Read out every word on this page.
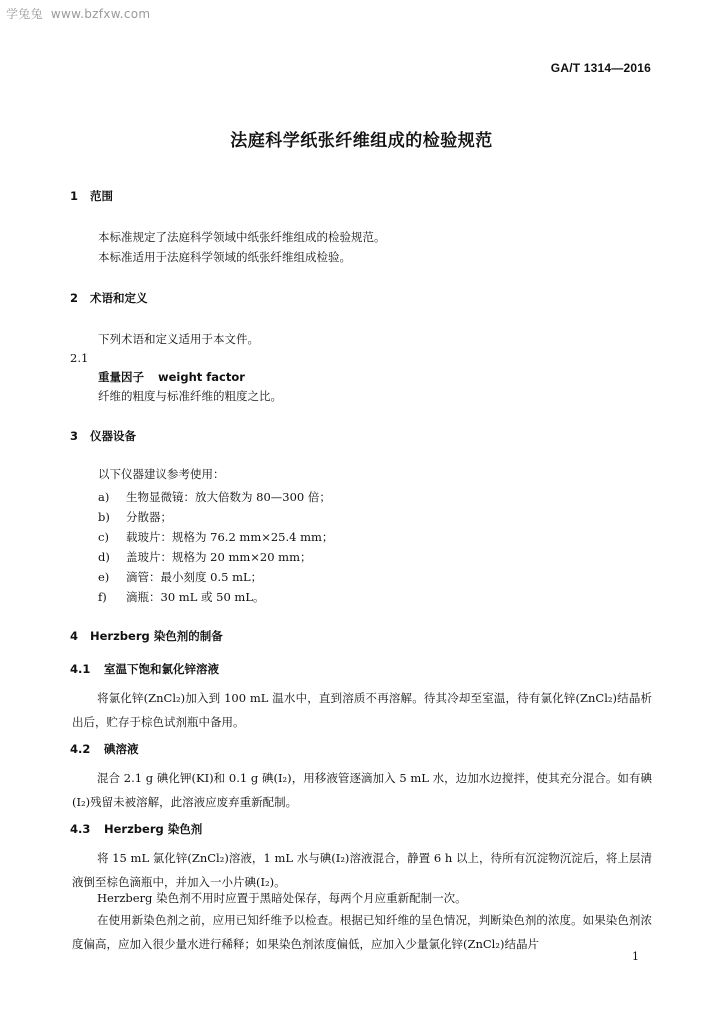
学兔兔 www.bzfxw.com
GA/T 1314—2016
法庭科学纸张纤维组成的检验规范
1 范围
本标准规定了法庭科学领域中纸张纤维组成的检验规范。
本标准适用于法庭科学领域的纸张纤维组成检验。
2 术语和定义
下列术语和定义适用于本文件。
2.1
重量因子 weight factor
纤维的粗度与标准纤维的粗度之比。
3 仪器设备
以下仪器建议参考使用：
a) 生物显微镜：放大倍数为 80—300 倍；
b) 分散器；
c) 载玻片：规格为 76.2 mm×25.4 mm；
d) 盖玻片：规格为 20 mm×20 mm；
e) 滴管：最小刻度 0.5 mL；
f) 滴瓶：30 mL 或 50 mL。
4 Herzberg 染色剂的制备
4.1 室温下饱和氯化锌溶液
将氯化锌(ZnCl₂)加入到 100 mL 温水中，直到溶质不再溶解。待其冷却至室温，待有氯化锌(ZnCl₂)结晶析出后，贮存于棕色试剂瓶中备用。
4.2 碘溶液
混合 2.1 g 碘化钾(KI)和 0.1 g 碘(I₂)，用移液管逐滴加入 5 mL 水，边加水边搅拌，使其充分混合。如有碘(I₂)残留未被溶解，此溶液应废弃重新配制。
4.3 Herzberg 染色剂
将 15 mL 氯化锌(ZnCl₂)溶液，1 mL 水与碘(I₂)溶液混合，静置 6 h 以上，待所有沉淀物沉淀后，将上层清液倒至棕色滴瓶中，并加入一小片碘(I₂)。
Herzberg 染色剂不用时应置于黑暗处保存，每两个月应重新配制一次。
在使用新染色剂之前，应用已知纤维予以检查。根据已知纤维的呈色情况，判断染色剂的浓度。如果染色剂浓度偏高，应加入很少量水进行稀释；如果染色剂浓度偏低，应加入少量氯化锌(ZnCl₂)结晶片
1
